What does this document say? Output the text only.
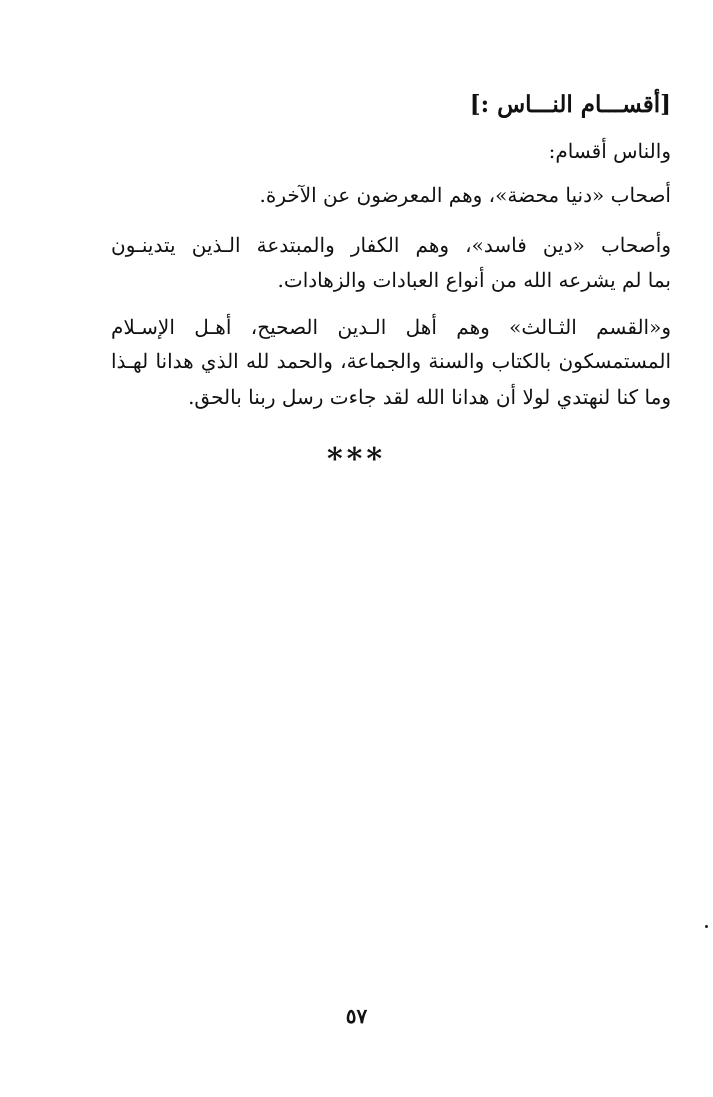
[أقســـام النـــاس :]
والناس أقسام:
أصحاب «دنيا محضة»، وهم المعرضون عن الآخرة.
وأصحاب «دين فاسد»، وهم الكفار والمبتدعة الـذين يتدينـون
بما لم يشرعه الله من أنواع العبادات والزهادات.
و«القسم الثـالث» وهم أهل الـدين الصحيح، أهـل الإسـلام
المستمسكون بالكتاب والسنة والجماعة، والحمد لله الذي هدانا لهـذا
وما كنا لنهتدي لولا أن هدانا الله لقد جاءت رسل ربنا بالحق.
***
٥٧
